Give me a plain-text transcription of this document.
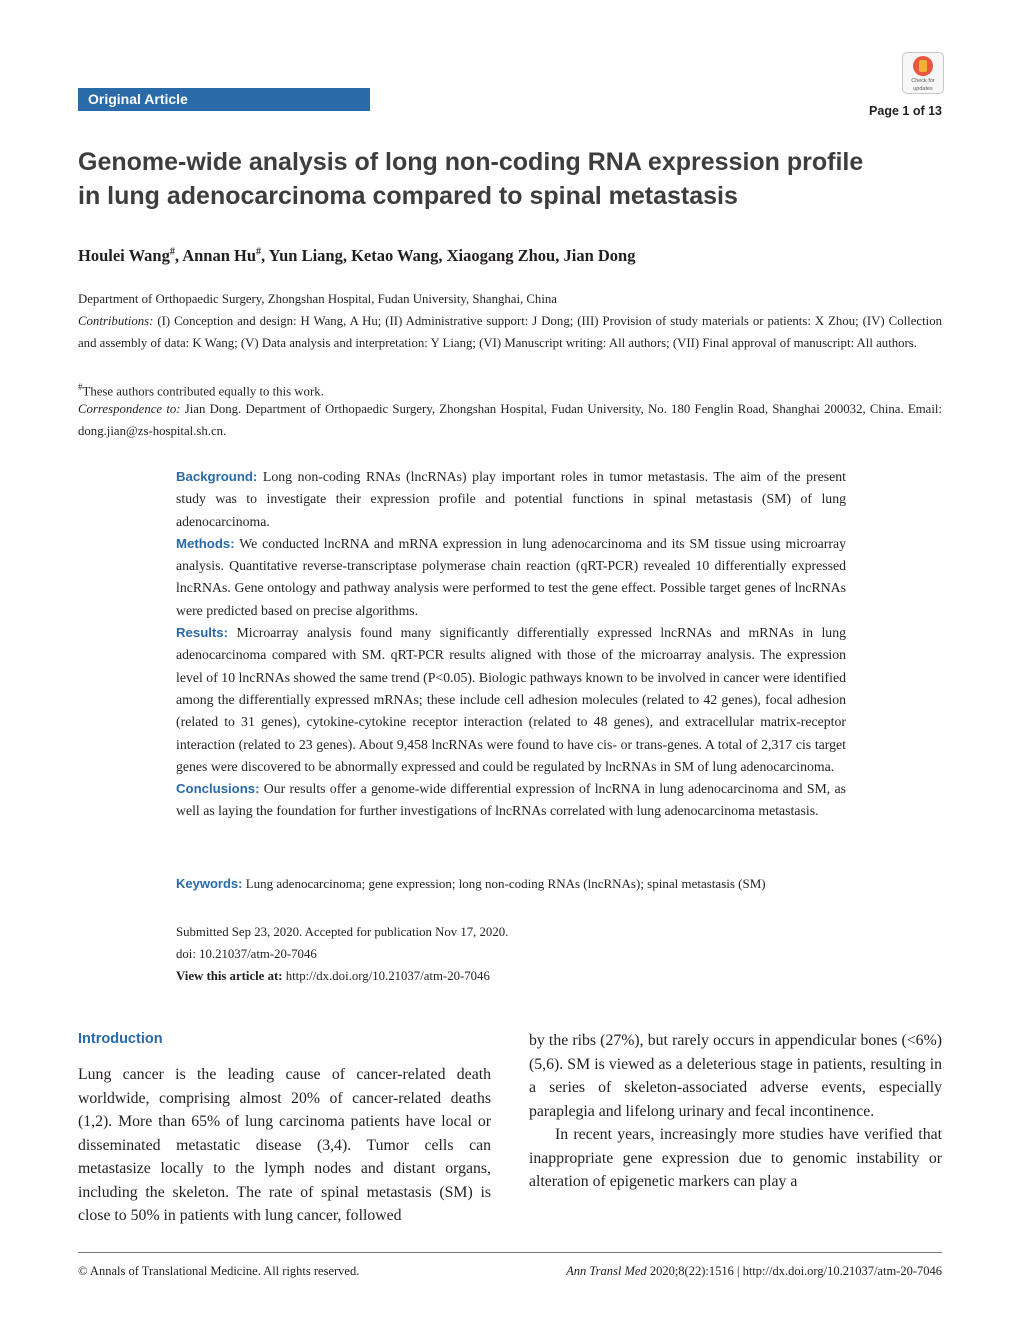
Original Article
Check for
updates
Page 1 of 13
Genome-wide analysis of long non-coding RNA expression profile
in lung adenocarcinoma compared to spinal metastasis
Houlei Wang#, Annan Hu#, Yun Liang, Ketao Wang, Xiaogang Zhou, Jian Dong
Department of Orthopaedic Surgery, Zhongshan Hospital, Fudan University, Shanghai, China
Contributions: (I) Conception and design: H Wang, A Hu; (II) Administrative support: J Dong; (III) Provision of study materials or patients: X Zhou; (IV) Collection and assembly of data: K Wang; (V) Data analysis and interpretation: Y Liang; (VI) Manuscript writing: All authors; (VII) Final approval of manuscript: All authors.
#These authors contributed equally to this work.
Correspondence to: Jian Dong. Department of Orthopaedic Surgery, Zhongshan Hospital, Fudan University, No. 180 Fenglin Road, Shanghai 200032, China. Email: dong.jian@zs-hospital.sh.cn.

Background: Long non-coding RNAs (lncRNAs) play important roles in tumor metastasis. The aim of the present study was to investigate their expression profile and potential functions in spinal metastasis (SM) of lung adenocarcinoma.

Methods: We conducted lncRNA and mRNA expression in lung adenocarcinoma and its SM tissue using microarray analysis. Quantitative reverse-transcriptase polymerase chain reaction (qRT-PCR) revealed 10 differentially expressed lncRNAs. Gene ontology and pathway analysis were performed to test the gene effect. Possible target genes of lncRNAs were predicted based on precise algorithms.

Results: Microarray analysis found many significantly differentially expressed lncRNAs and mRNAs in lung adenocarcinoma compared with SM. qRT-PCR results aligned with those of the microarray analysis. The expression level of 10 lncRNAs showed the same trend (P<0.05). Biologic pathways known to be involved in cancer were identified among the differentially expressed mRNAs; these include cell adhesion molecules (related to 42 genes), focal adhesion (related to 31 genes), cytokine-cytokine receptor interaction (related to 48 genes), and extracellular matrix-receptor interaction (related to 23 genes). About 9,458 lncRNAs were found to have cis- or trans-genes. A total of 2,317 cis target genes were discovered to be abnormally expressed and could be regulated by lncRNAs in SM of lung adenocarcinoma.

Conclusions: Our results offer a genome-wide differential expression of lncRNA in lung adenocarcinoma and SM, as well as laying the foundation for further investigations of lncRNAs correlated with lung adenocarcinoma metastasis.

Keywords: Lung adenocarcinoma; gene expression; long non-coding RNAs (lncRNAs); spinal metastasis (SM)
Submitted Sep 23, 2020. Accepted for publication Nov 17, 2020.
doi: 10.21037/atm-20-7046
View this article at: http://dx.doi.org/10.21037/atm-20-7046
Introduction

Lung cancer is the leading cause of cancer-related death worldwide, comprising almost 20% of cancer-related deaths (1,2). More than 65% of lung carcinoma patients have local or disseminated metastatic disease (3,4). Tumor cells can metastasize locally to the lymph nodes and distant organs, including the skeleton. The rate of spinal metastasis (SM) is close to 50% in patients with lung cancer, followed

by the ribs (27%), but rarely occurs in appendicular bones (<6%) (5,6). SM is viewed as a deleterious stage in patients, resulting in a series of skeleton-associated adverse events, especially paraplegia and lifelong urinary and fecal incontinence.

In recent years, increasingly more studies have verified that inappropriate gene expression due to genomic instability or alteration of epigenetic markers can play a

© Annals of Translational Medicine. All rights reserved.	Ann Transl Med 2020;8(22):1516 | http://dx.doi.org/10.21037/atm-20-7046
